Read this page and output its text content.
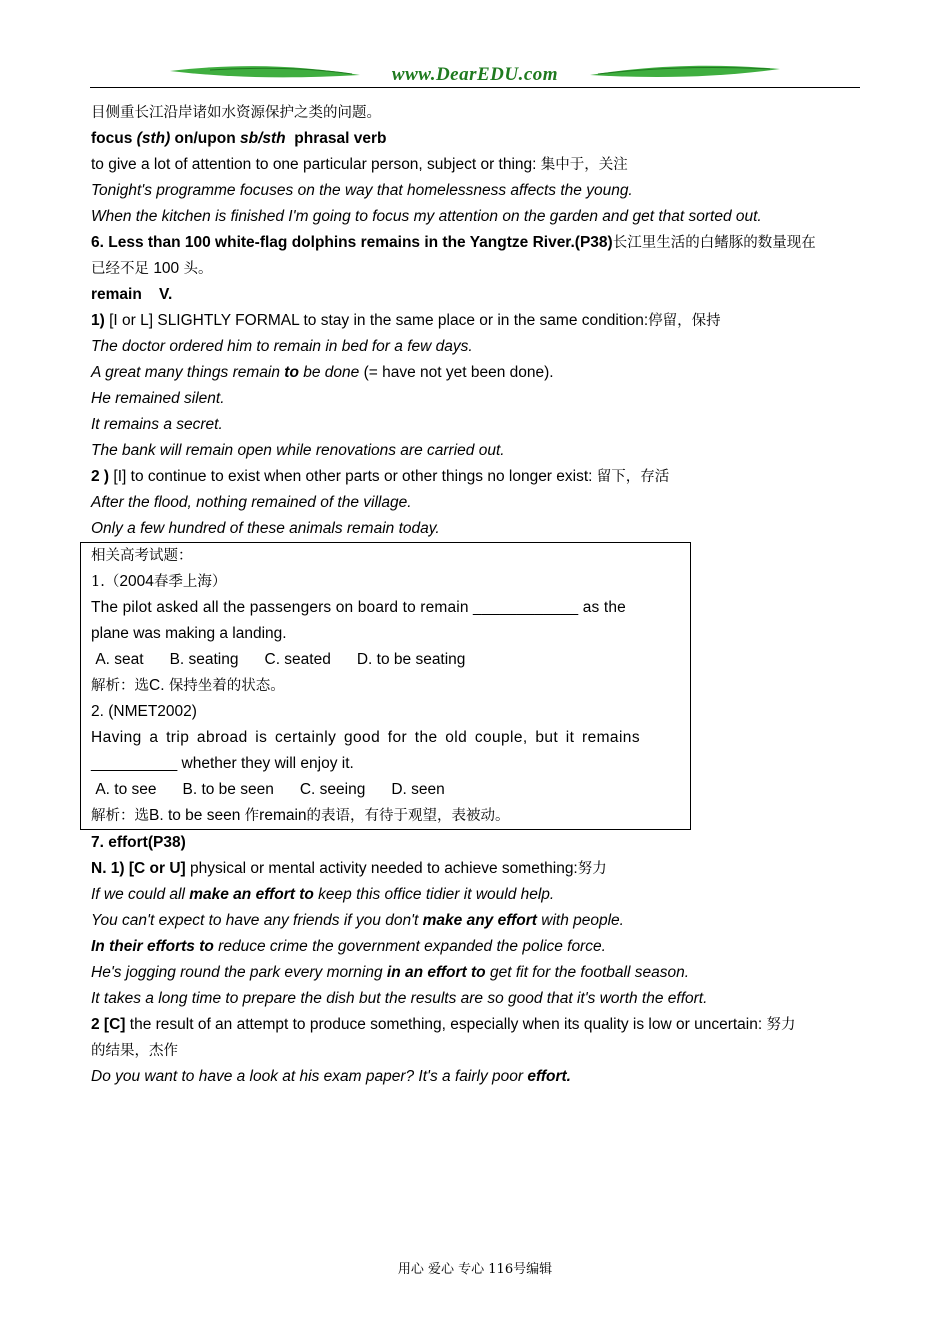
www.DearEDU.com
目侧重长江沿岸诸如水资源保护之类的问题。
focus (sth) on/upon sb/sth phrasal verb
to give a lot of attention to one particular person, subject or thing: 集中于，关注
Tonight's programme focuses on the way that homelessness affects the young.
When the kitchen is finished I'm going to focus my attention on the garden and get that sorted out.
6. Less than 100 white-flag dolphins remains in the Yangtze River.(P38)长江里生活的白鳍豚的数量现在
已经不足 100 头。
remain    V.
1) [I or L] SLIGHTLY FORMAL to stay in the same place or in the same condition:停留，保持
The doctor ordered him to remain in bed for a few days.
A great many things remain to be done (= have not yet been done).
He remained silent.
It remains a secret.
The bank will remain open while renovations are carried out.
2 ) [I] to continue to exist when other parts or other things no longer exist: 留下，存活
After the flood, nothing remained of the village.
Only a few hundred of these animals remain today.
相关高考试题：
1.（2004春季上海）
The pilot asked all the passengers on board to remain ____________ as the
plane was making a landing.
A. seat B. seating C. seated D. to be seating
解析：选C. 保持坐着的状态。
2. (NMET2002)
Having a trip abroad is certainly good for the old couple, but it remains
__________ whether they will enjoy it.
A. to see B. to be seen C. seeing D. seen
解析：选B. to be seen 作remain的表语，有待于观望，表被动。
7. effort(P38)
N. 1) [C or U] physical or mental activity needed to achieve something:努力
If we could all make an effort to keep this office tidier it would help.
You can't expect to have any friends if you don't make any effort with people.
In their efforts to reduce crime the government expanded the police force.
He's jogging round the park every morning in an effort to get fit for the football season.
It takes a long time to prepare the dish but the results are so good that it's worth the effort.
2 [C] the result of an attempt to produce something, especially when its quality is low or uncertain: 努力
的结果，杰作
Do you want to have a look at his exam paper? It's a fairly poor effort.
用心 爱心 专心 116号编辑
